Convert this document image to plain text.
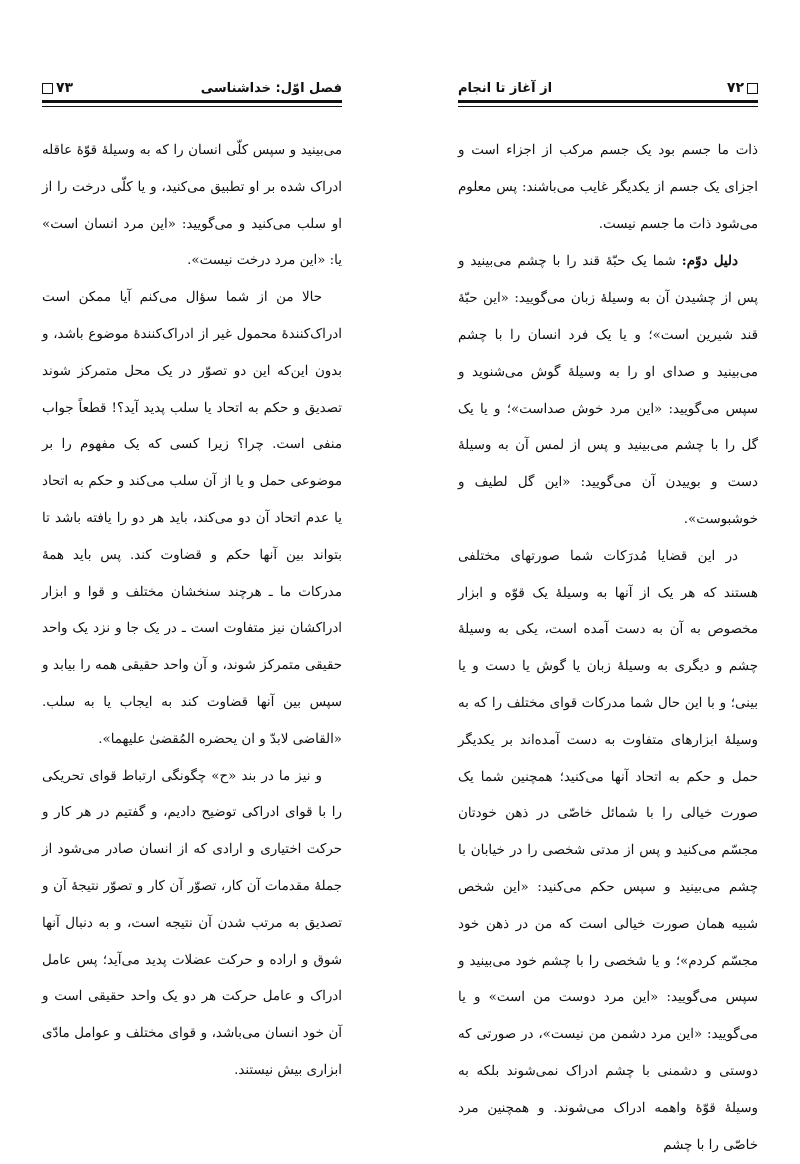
۷۳	فصل اوّل: خداشناسی

می‌بینید و سپس کلّی انسان را که به وسیلهٔ قوّهٔ عاقله ادراک شده بر او تطبیق می‌کنید، و یا کلّی درخت را از او سلب می‌کنید و می‌گویید: «این مرد انسان است» یا: «این مرد درخت نیست».

حالا من از شما سؤال می‌کنم آیا ممکن است ادراک‌کنندهٔ محمول غیر از ادراک‌کنندهٔ موضوع باشد، و بدون این‌که این دو تصوّر در یک محل متمرکز شوند تصدیق و حکم به اتحاد یا سلب پدید آید؟! قطعاً جواب منفی است. چرا؟ زیرا کسی که یک مفهوم را بر موضوعی حمل و یا از آن سلب می‌کند و حکم به اتحاد یا عدم اتحاد آن دو می‌کند، باید هر دو را یافته باشد تا بتواند بین آنها حکم و قضاوت کند. پس باید همهٔ مدرکات ما ـ هرچند سنخشان مختلف و قوا و ابزار ادراکشان نیز متفاوت است ـ در یک جا و نزد یک واحد حقیقی متمرکز شوند، و آن واحد حقیقی همه را بیابد و سپس بین آنها قضاوت کند به ایجاب یا به سلب. «القاضی لابدّ و ان یحضره المُقضیٰ علیهما».

و نیز ما در بند «ح» چگونگی ارتباط قوای تحریکی را با قوای ادراکی توضیح دادیم، و گفتیم در هر کار و حرکت اختیاری و ارادی که از انسان صادر می‌شود از جملهٔ مقدمات آن کار، تصوّر آن کار و تصوّر نتیجهٔ آن و تصدیق به مرتب شدن آن نتیجه است، و به دنبال آنها شوق و اراده و حرکت عضلات پدید می‌آید؛ پس عامل ادراک و عامل حرکت هر دو یک واحد حقیقی است و آن خود انسان می‌باشد، و قوای مختلف و عوامل مادّی ابزاری بیش نیستند.

۷۲
از آغاز تا انجام

ذات ما جسم بود یک جسم مرکب از اجزاء است و اجزای یک جسم از یکدیگر غایب می‌باشند: پس معلوم می‌شود ذات ما جسم نیست.

دلیل دوّم: شما یک حبّهٔ قند را با چشم می‌بینید و پس از چشیدن آن به وسیلهٔ زبان می‌گویید: «این حبّهٔ قند شیرین است»؛ و یا یک فرد انسان را با چشم می‌بینید و صدای او را به وسیلهٔ گوش می‌شنوید و سپس می‌گویید: «این مرد خوش صداست»؛ و یا یک گل را با چشم می‌بینید و پس از لمس آن به وسیلهٔ دست و بوییدن آن می‌گویید: «این گل لطیف و خوشبوست».

در این قضایا مُدرَکات شما صورتهای مختلفی هستند که هر یک از آنها به وسیلهٔ یک قوّه و ابزار مخصوص به آن به دست آمده است، یکی به وسیلهٔ چشم و دیگری به وسیلهٔ زبان یا گوش یا دست و یا بینی؛ و با این حال شما مدرکات قوای مختلف را که به وسیلهٔ ابزارهای متفاوت به دست آمده‌اند بر یکدیگر حمل و حکم به اتحاد آنها می‌کنید؛ همچنین شما یک صورت خیالی را با شمائل خاصّی در ذهن خودتان مجسّم می‌کنید و پس از مدتی شخصی را در خیابان با چشم می‌بینید و سپس حکم می‌کنید: «این شخص شبیه همان صورت خیالی است که من در ذهن خود مجسّم کردم»؛ و یا شخصی را با چشم خود می‌بینید و سپس می‌گویید: «این مرد دوست من است» و یا می‌گویید: «این مرد دشمن من نیست»، در صورتی که دوستی و دشمنی با چشم ادراک نمی‌شوند بلکه به وسیلهٔ قوّهٔ واهمه ادراک می‌شوند. و همچنین مرد خاصّی را با چشم
